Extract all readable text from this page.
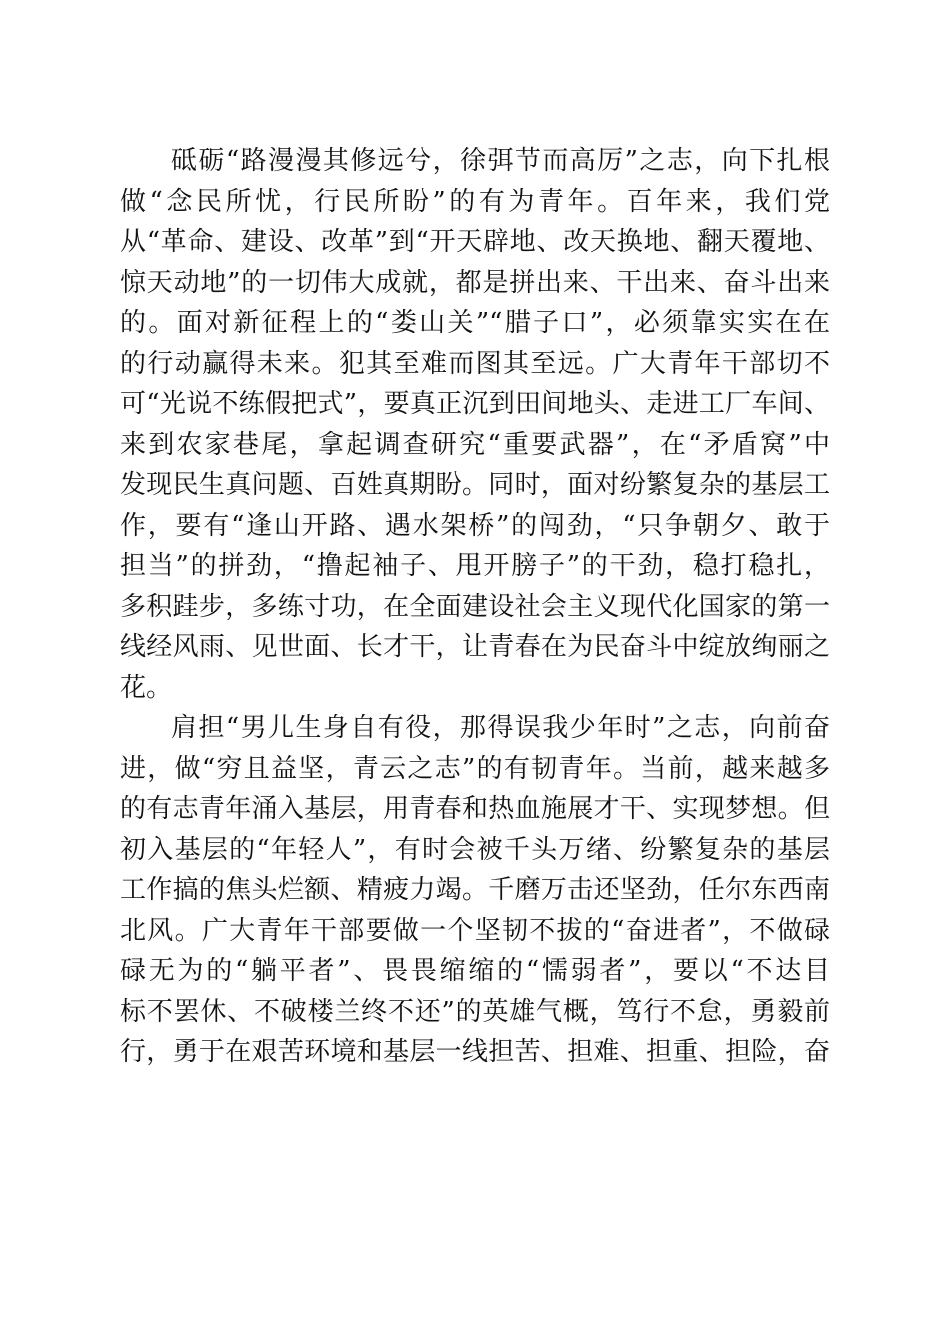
砥砺“路漫漫其修远兮，徐弭节而高厉”之志，向下扎根
做“念民所忧，行民所盼”的有为青年。百年来，我们党
从“革命、建设、改革”到“开天辟地、改天换地、翻天覆地、
惊天动地”的一切伟大成就，都是拼出来、干出来、奋斗出来
的。面对新征程上的“娄山关”“腊子口”，必须靠实实在在
的行动赢得未来。犯其至难而图其至远。广大青年干部切不
可“光说不练假把式”，要真正沉到田间地头、走进工厂车间、
来到农家巷尾，拿起调查研究“重要武器”，在“矛盾窝”中
发现民生真问题、百姓真期盼。同时，面对纷繁复杂的基层工
作，要有“逢山开路、遇水架桥”的闯劲，“只争朝夕、敢于
担当”的拼劲，“撸起袖子、甩开膀子”的干劲，稳打稳扎，
多积跬步，多练寸功，在全面建设社会主义现代化国家的第一
线经风雨、见世面、长才干，让青春在为民奋斗中绽放绚丽之
花。
肩担“男儿生身自有役，那得误我少年时”之志，向前奋
进，做“穷且益坚，青云之志”的有韧青年。当前，越来越多
的有志青年涌入基层，用青春和热血施展才干、实现梦想。但
初入基层的“年轻人”，有时会被千头万绪、纷繁复杂的基层
工作搞的焦头烂额、精疲力竭。千磨万击还坚劲，任尔东西南
北风。广大青年干部要做一个坚韧不拔的“奋进者”，不做碌
碌无为的“躺平者”、畏畏缩缩的“懦弱者”，要以“不达目
标不罢休、不破楼兰终不还”的英雄气概，笃行不怠，勇毅前
行，勇于在艰苦环境和基层一线担苦、担难、担重、担险，奋
